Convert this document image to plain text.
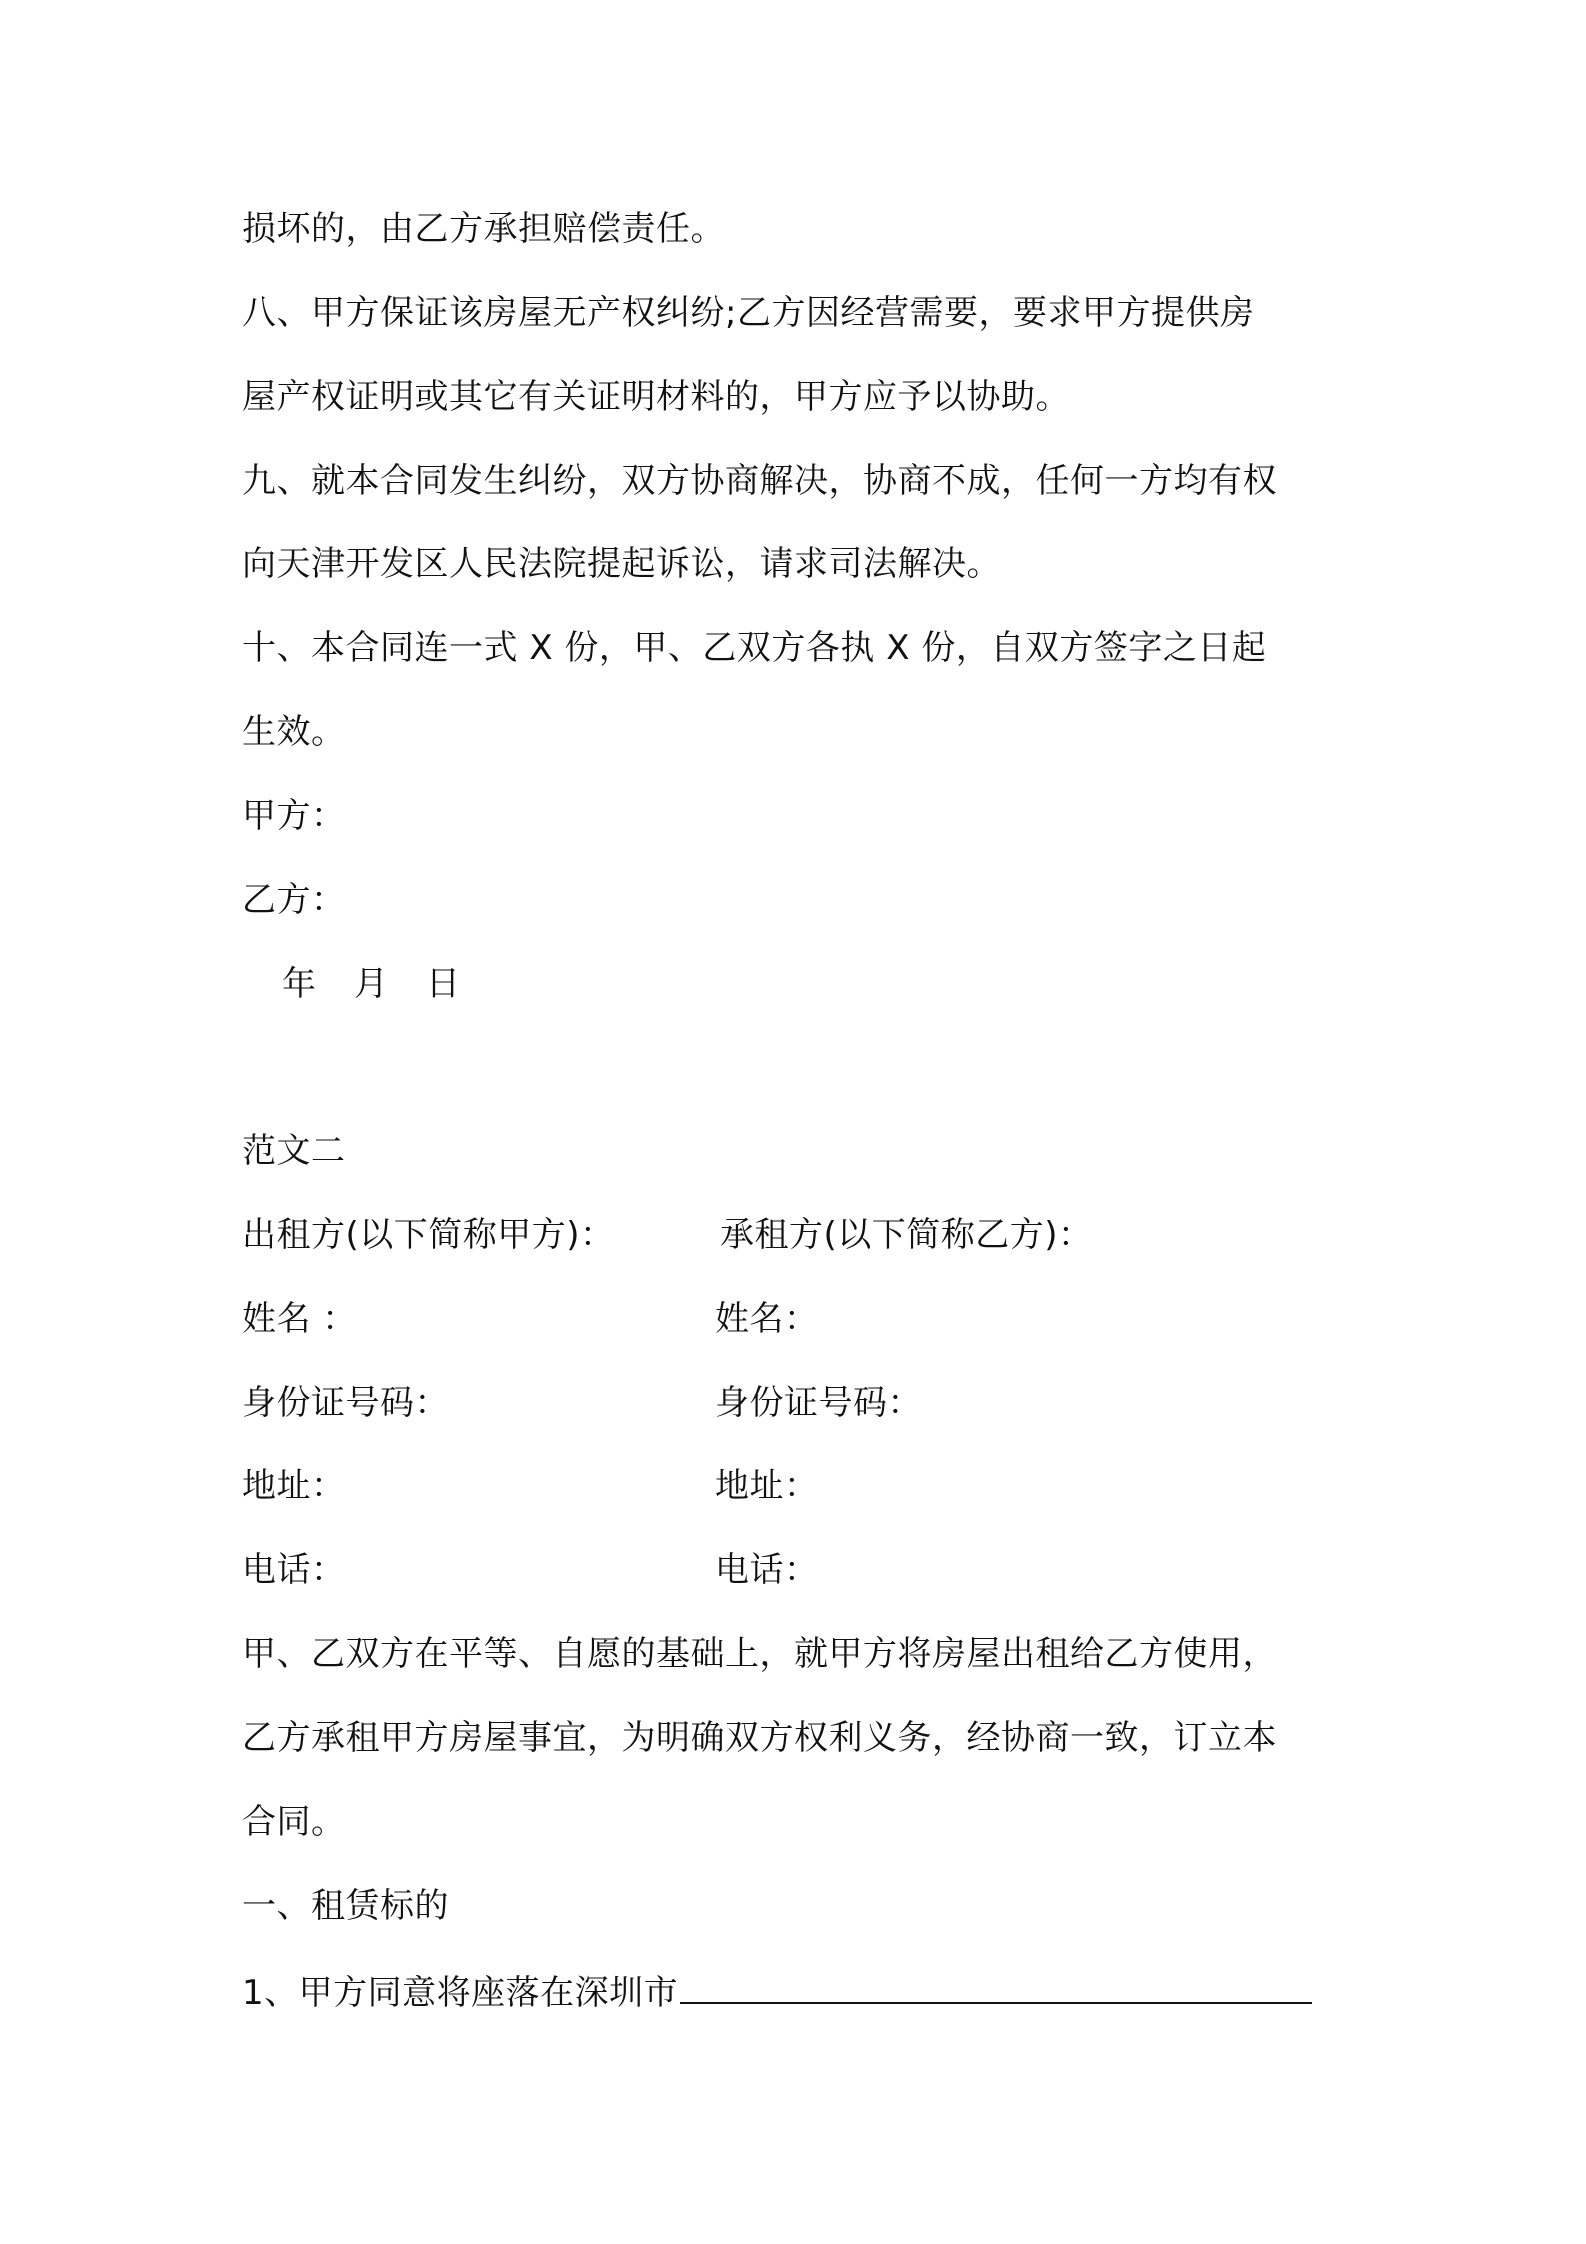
损坏的，由乙方承担赔偿责任。
八、甲方保证该房屋无产权纠纷;乙方因经营需要，要求甲方提供房
屋产权证明或其它有关证明材料的，甲方应予以协助。
九、就本合同发生纠纷，双方协商解决，协商不成，任何一方均有权
向天津开发区人民法院提起诉讼，请求司法解决。
十、本合同连一式 X 份，甲、乙双方各执 X 份，自双方签字之日起
生效。
甲方：
乙方：
年 月 日
范文二
出租方(以下简称甲方)：	承租方(以下简称乙方)：
姓名 ：	姓名：
身份证号码：	身份证号码：
地址：	地址：
电话：	电话：
甲、乙双方在平等、自愿的基础上，就甲方将房屋出租给乙方使用，
乙方承租甲方房屋事宜，为明确双方权利义务，经协商一致，订立本
合同。
一、租赁标的
1、甲方同意将座落在深圳市
